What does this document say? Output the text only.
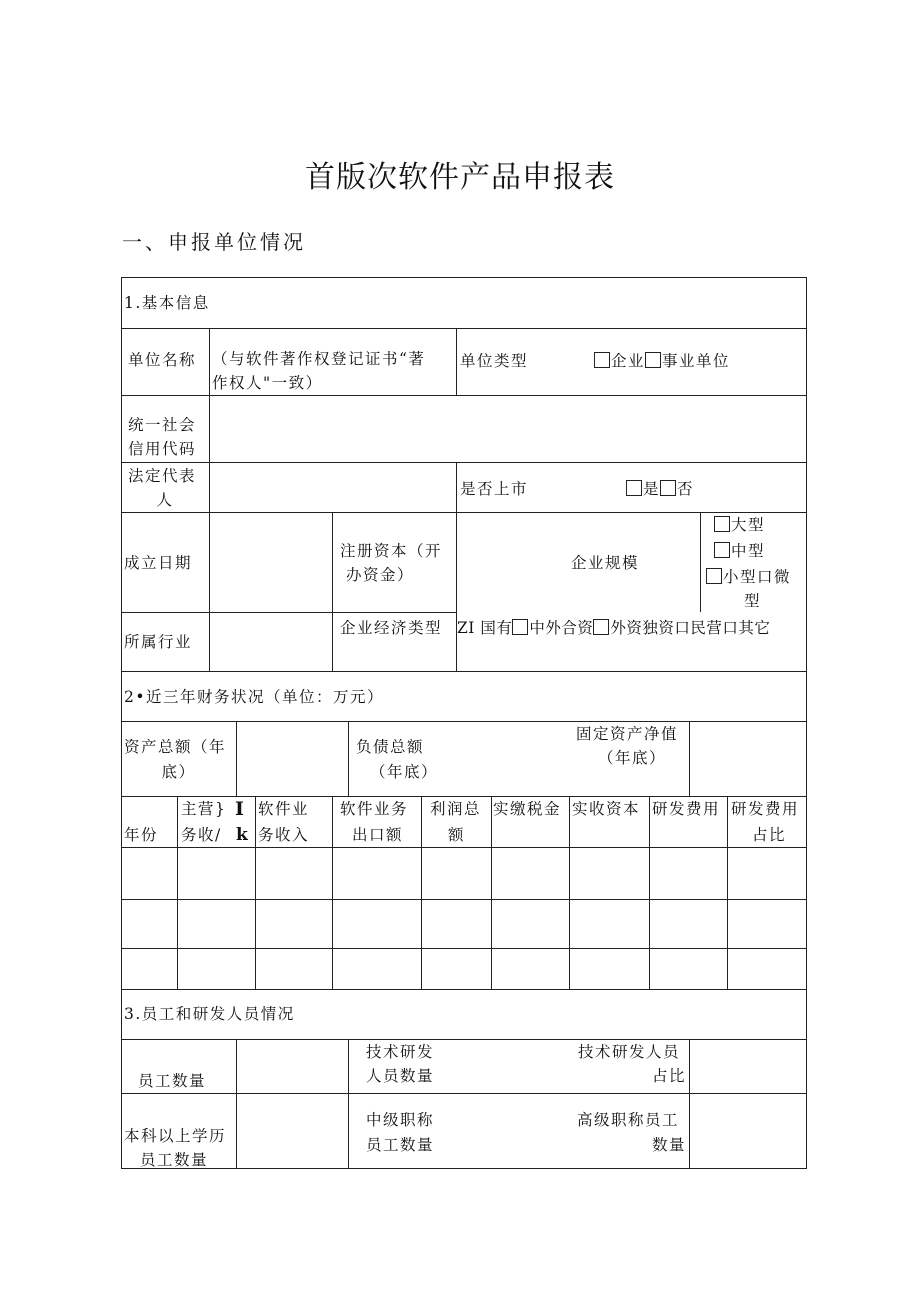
首版次软件产品申报表
一、申报单位情况
1.基本信息
单位名称 （与软件著作权登记证书“著
作权人"一致）
单位类型	企业 事业单位
统一社会
信用代码
法定代表
人
是否上市	是 否
成立日期
注册资本（开
办资金）
企业规模
大型
中型
小型口微
型
所属行业
企业经济类型 ZI 国有 中外合资 外资独资口民营口其它
2•近三年财务状况（单位：万元）
资产总额（年
底）
负债总额
（年底）
固定资产净值
（年底）
年份
主营}
务收/
I
k
软件业
务收入
软件业务
出口额
利润总
额
实缴税金 实收资本 研发费用 研发费用
占比
3.员工和研发人员情况
员工数量
技术研发
人员数量
技术研发人员
占比
本科以上学历
员工数量
中级职称
员工数量
高级职称员工
数量
